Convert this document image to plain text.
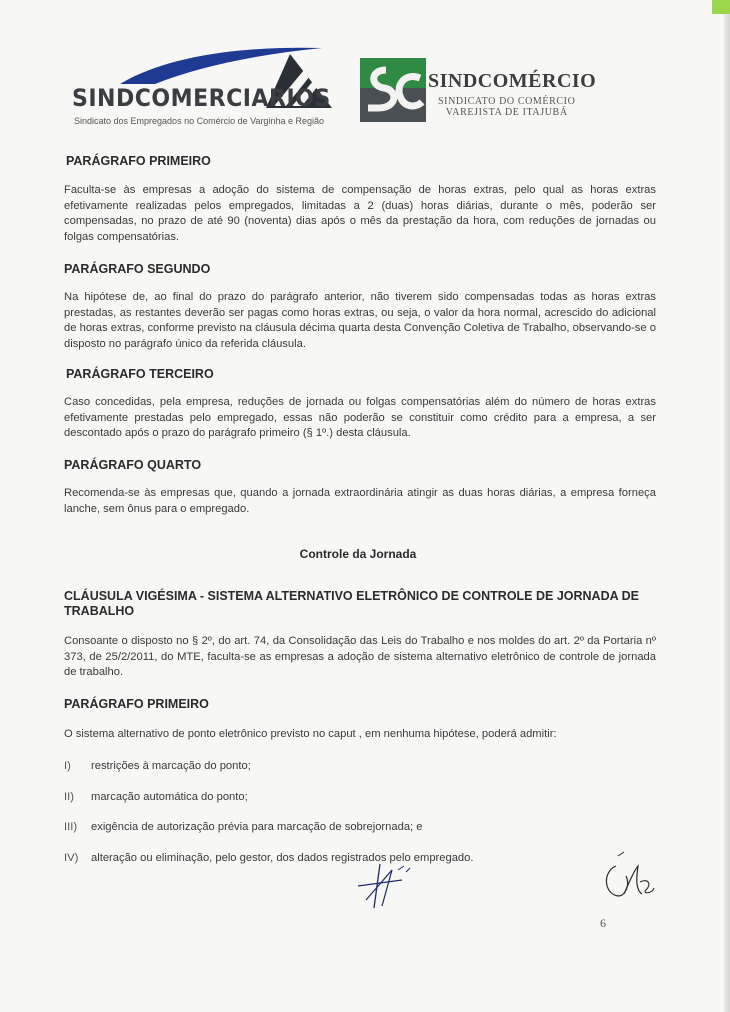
SINDCOMERCIARIOS
Sindicato dos Empregados no Comércio de Varginha e Região
SINDCOMÉRCIO
SINDICATO DO COMÉRCIO
VAREJISTA DE ITAJUBÁ
PARÁGRAFO PRIMEIRO
Faculta-se às empresas a adoção do sistema de compensação de horas extras, pelo qual as horas extras efetivamente realizadas pelos empregados, limitadas a 2 (duas) horas diárias, durante o mês, poderão ser compensadas, no prazo de até 90 (noventa) dias após o mês da prestação da hora, com reduções de jornadas ou folgas compensatórias.
PARÁGRAFO SEGUNDO
Na hipótese de, ao final do prazo do parágrafo anterior, não tiverem sido compensadas todas as horas extras prestadas, as restantes deverão ser pagas como horas extras, ou seja, o valor da hora normal, acrescido do adicional de horas extras, conforme previsto na cláusula décima quarta desta Convenção Coletiva de Trabalho, observando-se o disposto no parágrafo único da referida cláusula.
PARÁGRAFO TERCEIRO
Caso concedidas, pela empresa, reduções de jornada ou folgas compensatórias além do número de horas extras efetivamente prestadas pelo empregado, essas não poderão se constituir como crédito para a empresa, a ser descontado após o prazo do parágrafo primeiro (§ 1º.) desta cláusula.
PARÁGRAFO QUARTO
Recomenda-se às empresas que, quando a jornada extraordinária atingir as duas horas diárias, a empresa forneça lanche, sem ônus para o empregado.
Controle da Jornada
CLÁUSULA VIGÉSIMA - SISTEMA ALTERNATIVO ELETRÔNICO DE CONTROLE DE JORNADA DE TRABALHO
Consoante o disposto no § 2º, do art. 74, da Consolidação das Leis do Trabalho e nos moldes do art. 2º da Portaria nº 373, de 25/2/2011, do MTE, faculta-se as empresas a adoção de sistema alternativo eletrônico de controle de jornada de trabalho.
PARÁGRAFO PRIMEIRO
O sistema alternativo de ponto eletrônico previsto no caput , em nenhuma hipótese, poderá admitir:
I) restrições à marcação do ponto;
II) marcação automática do ponto;
III) exigência de autorização prévia para marcação de sobrejornada; e
IV) alteração ou eliminação, pelo gestor, dos dados registrados pelo empregado.
6
